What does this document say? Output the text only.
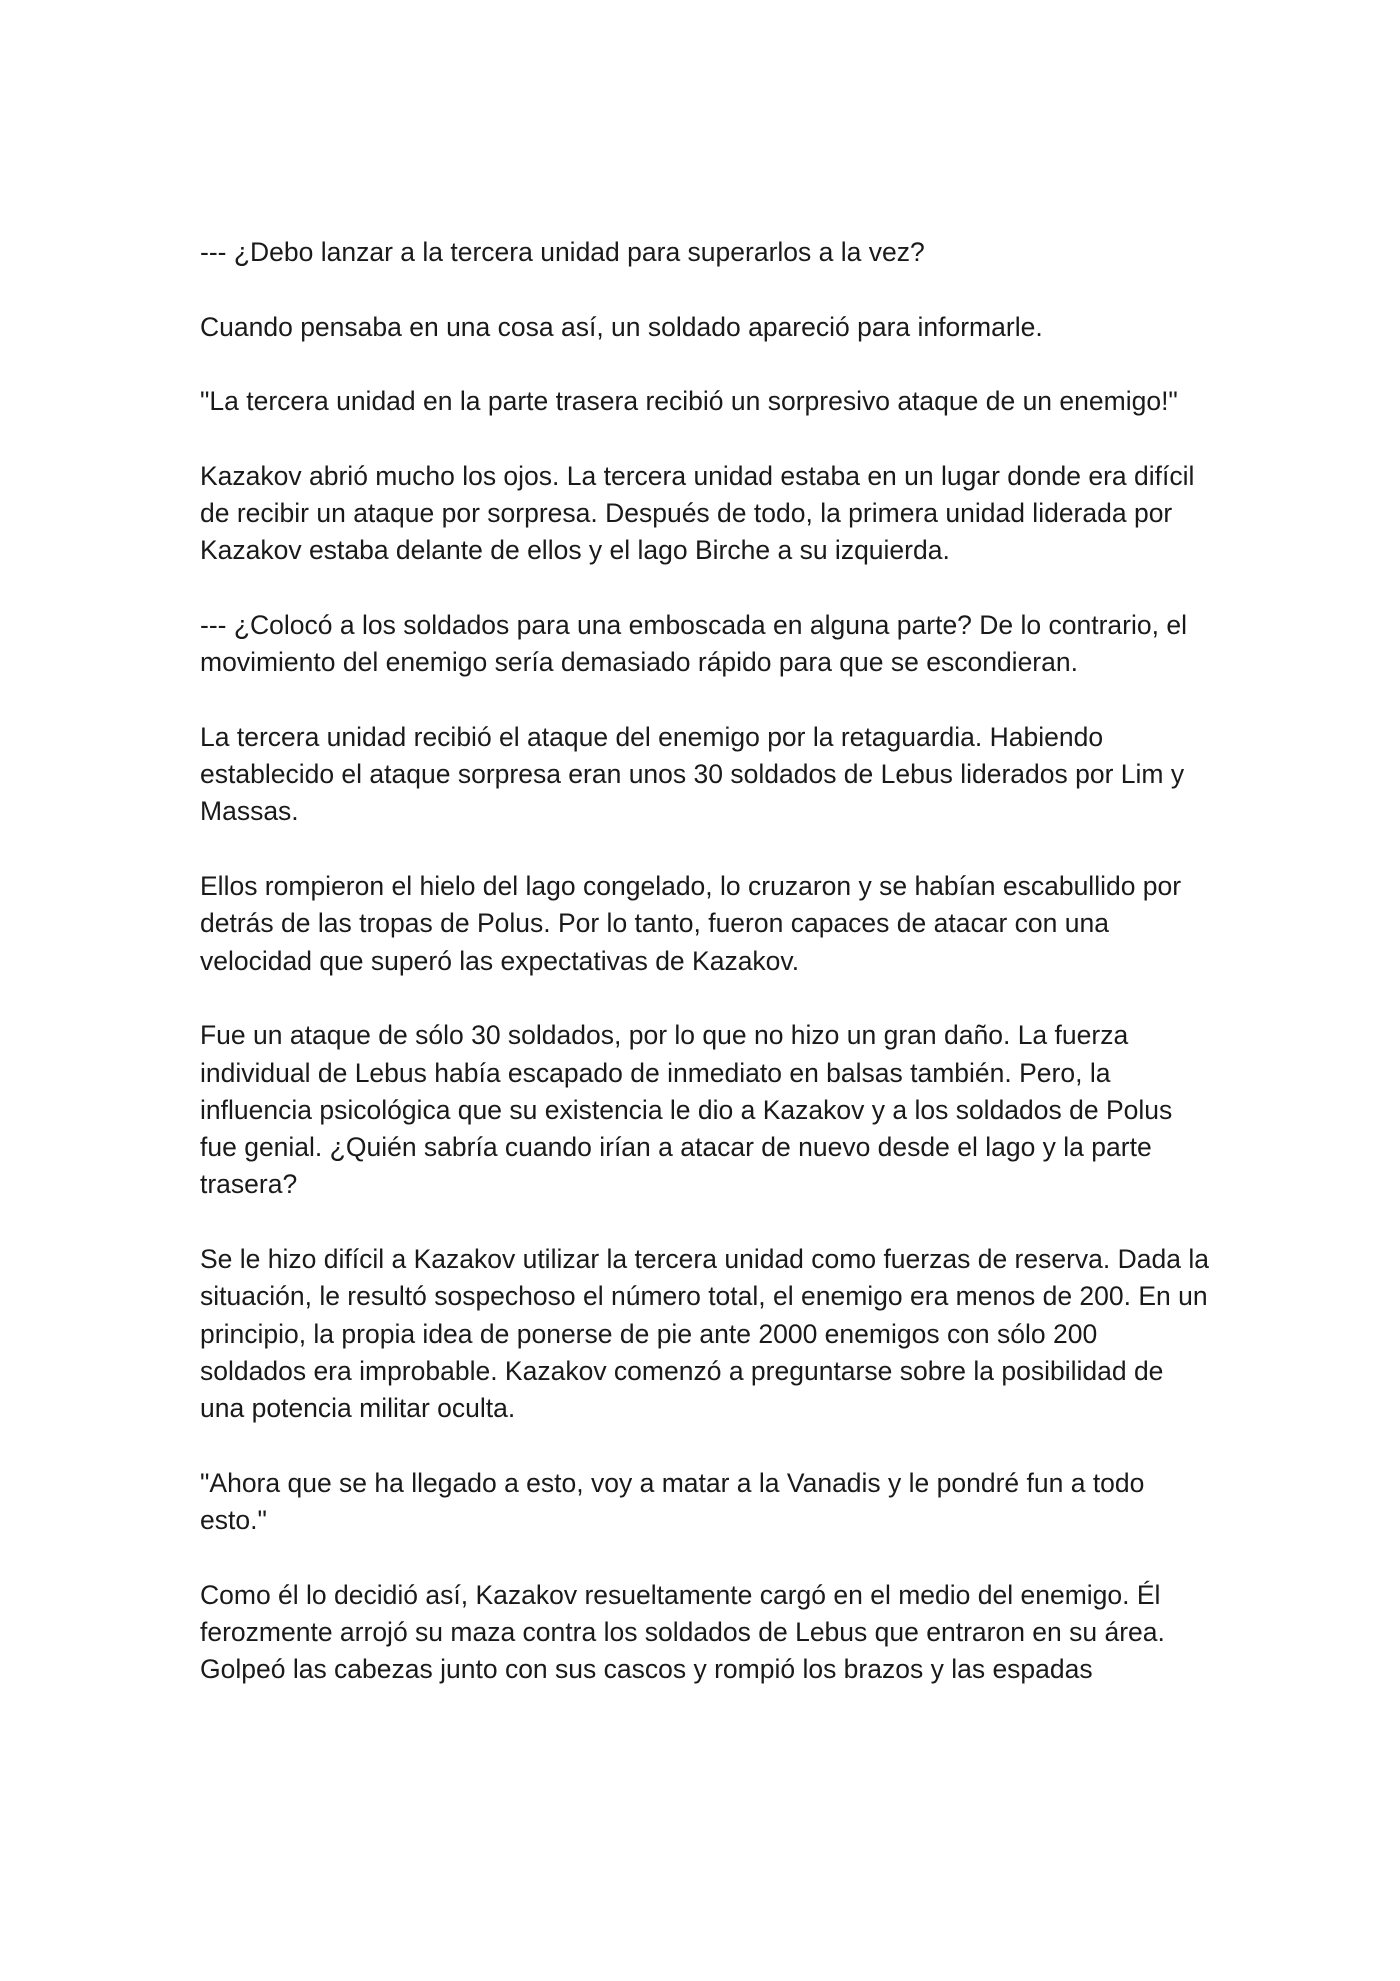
--- ¿Debo lanzar a la tercera unidad para superarlos a la vez?

Cuando pensaba en una cosa así, un soldado apareció para informarle.

"La tercera unidad en la parte trasera recibió un sorpresivo ataque de un enemigo!"

Kazakov abrió mucho los ojos. La tercera unidad estaba en un lugar donde era difícil de recibir un ataque por sorpresa. Después de todo, la primera unidad liderada por Kazakov estaba delante de ellos y el lago Birche a su izquierda.

--- ¿Colocó a los soldados para una emboscada en alguna parte? De lo contrario, el movimiento del enemigo sería demasiado rápido para que se escondieran.

La tercera unidad recibió el ataque del enemigo por la retaguardia. Habiendo establecido el ataque sorpresa eran unos 30 soldados de Lebus liderados por Lim y Massas.

Ellos rompieron el hielo del lago congelado, lo cruzaron y se habían escabullido por detrás de las tropas de Polus. Por lo tanto, fueron capaces de atacar con una velocidad que superó las expectativas de Kazakov.

Fue un ataque de sólo 30 soldados, por lo que no hizo un gran daño. La fuerza individual de Lebus había escapado de inmediato en balsas también. Pero, la influencia psicológica que su existencia le dio a Kazakov y a los soldados de Polus fue genial. ¿Quién sabría cuando irían a atacar de nuevo desde el lago y la parte trasera?

Se le hizo difícil a Kazakov utilizar la tercera unidad como fuerzas de reserva. Dada la situación, le resultó sospechoso el número total, el enemigo era menos de 200. En un principio, la propia idea de ponerse de pie ante 2000 enemigos con sólo 200 soldados era improbable. Kazakov comenzó a preguntarse sobre la posibilidad de una potencia militar oculta.

"Ahora que se ha llegado a esto, voy a matar a la Vanadis y le pondré fun a todo esto."

Como él lo decidió así, Kazakov resueltamente cargó en el medio del enemigo. Él ferozmente arrojó su maza contra los soldados de Lebus que entraron en su área. Golpeó las cabezas junto con sus cascos y rompió los brazos y las espadas
